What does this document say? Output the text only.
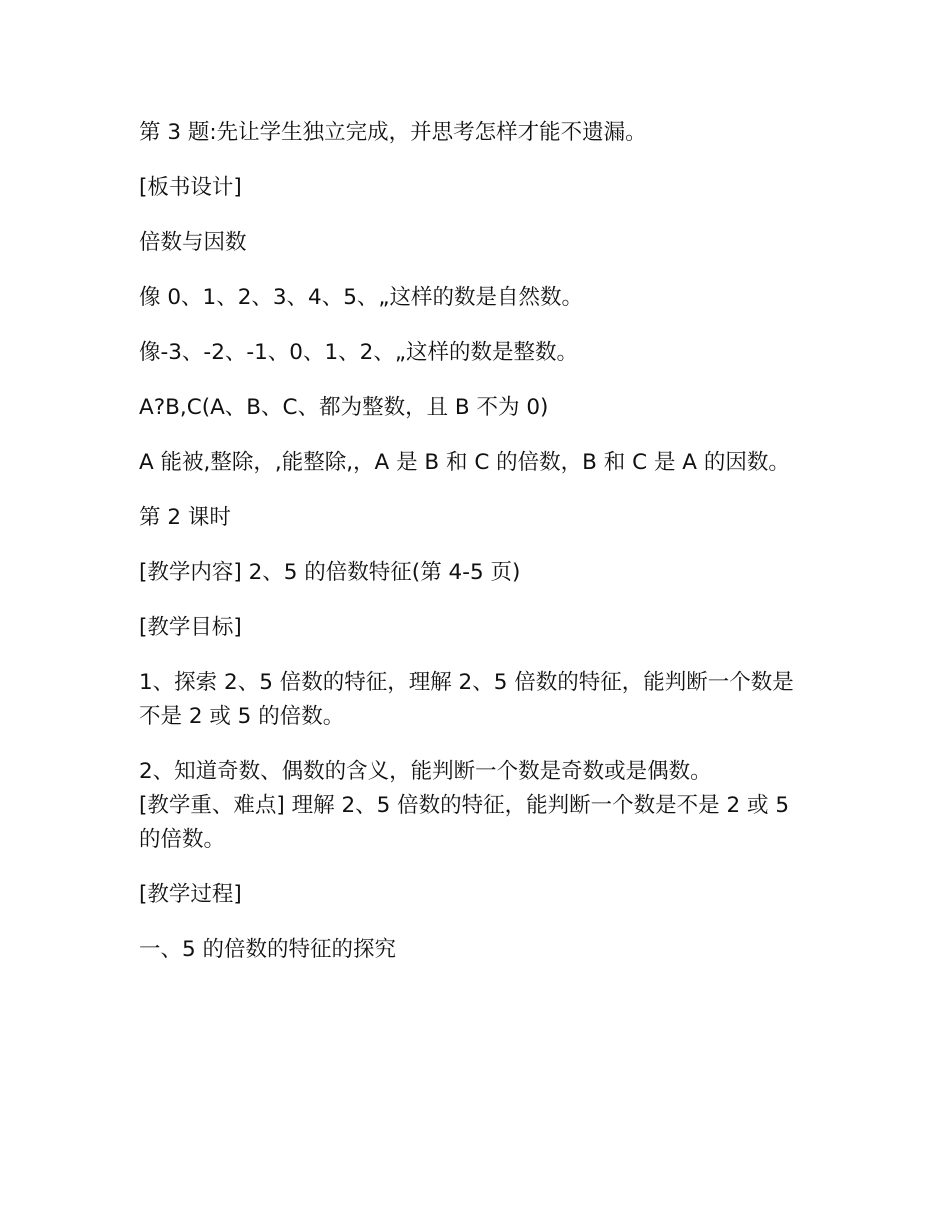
第 3 题:先让学生独立完成，并思考怎样才能不遗漏。

[板书设计]

倍数与因数

像 0、1、2、3、4、5、„这样的数是自然数。

像-3、-2、-1、0、1、2、„这样的数是整数。

A?B,C(A、B、C、都为整数，且 B 不为 0)

A 能被,整除，,能整除,，A 是 B 和 C 的倍数，B 和 C 是 A 的因数。

第 2 课时

[教学内容] 2、5 的倍数特征(第 4-5 页)

[教学目标]

1、探索 2、5 倍数的特征，理解 2、5 倍数的特征，能判断一个数是不是 2 或 5 的倍数。

2、知道奇数、偶数的含义，能判断一个数是奇数或是偶数。

[教学重、难点] 理解 2、5 倍数的特征，能判断一个数是不是 2 或 5 的倍数。

[教学过程]

一、5 的倍数的特征的探究
